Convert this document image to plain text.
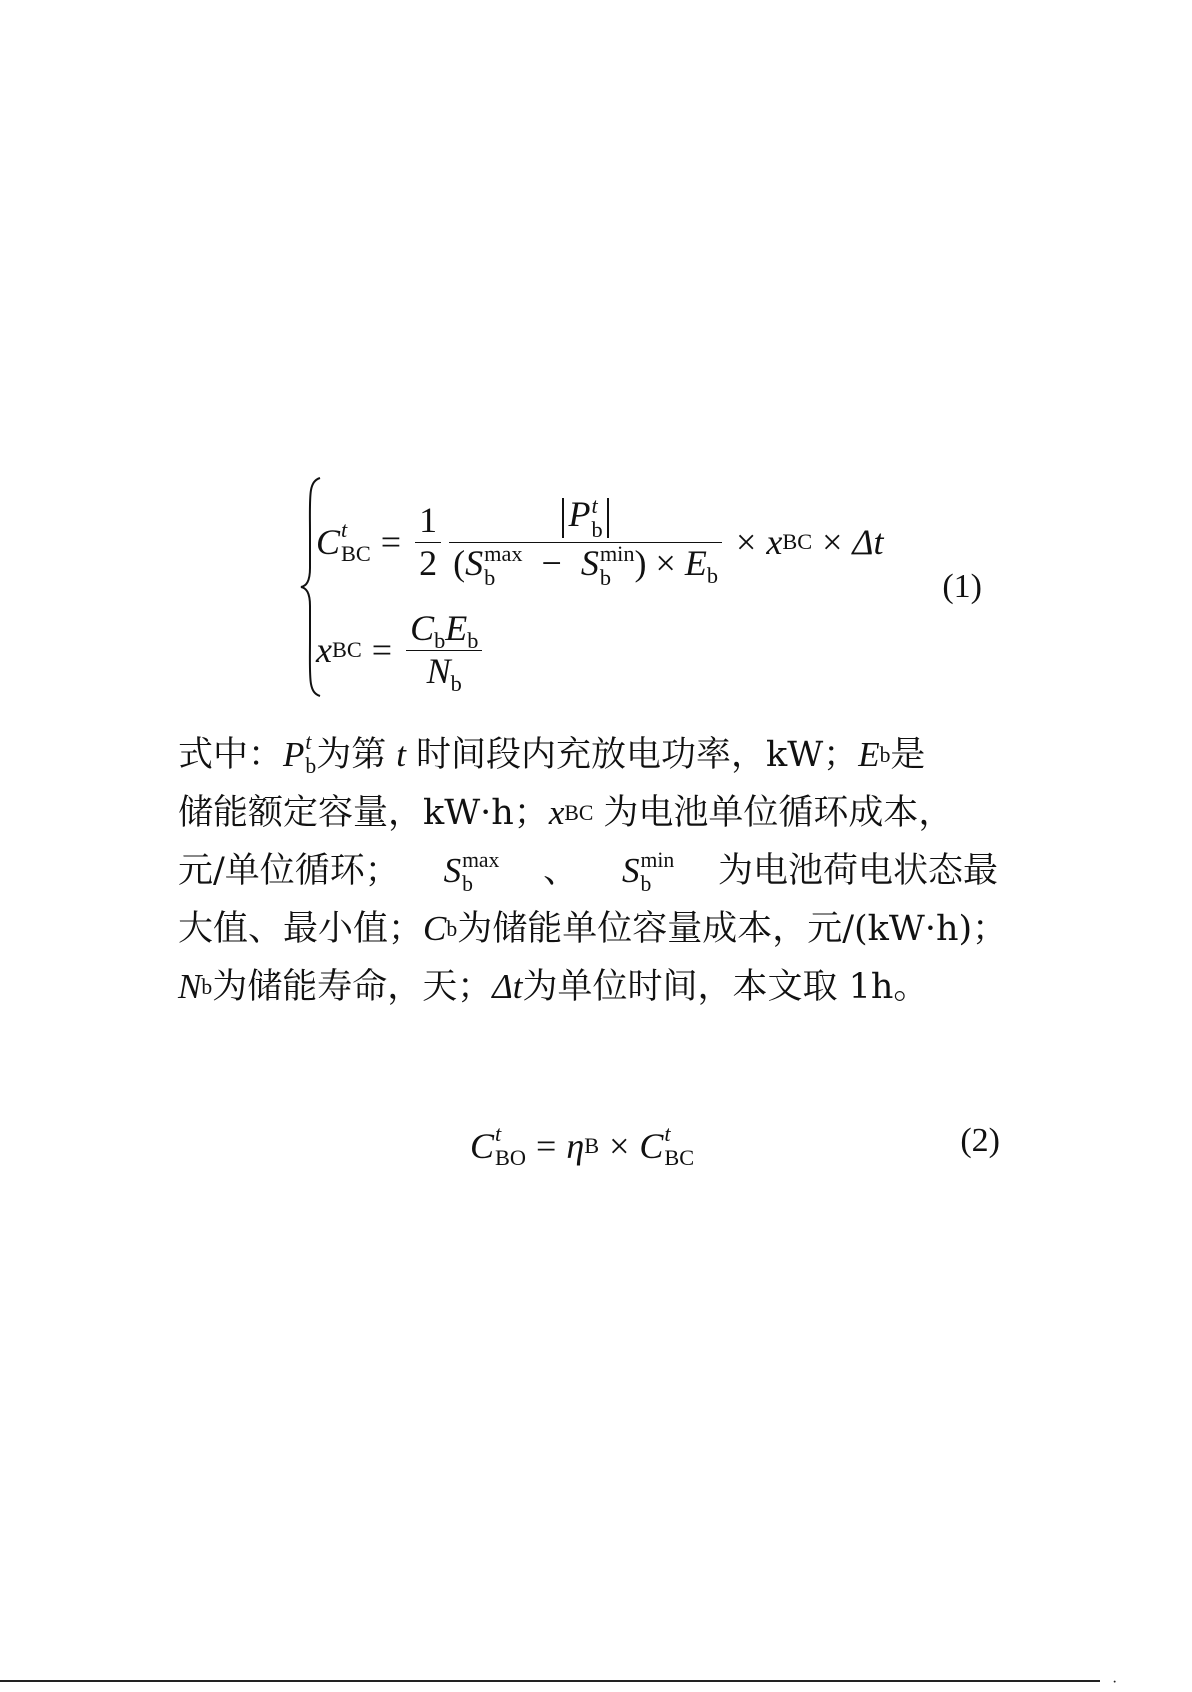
C t
BC = $\frac{1}{2}$ P t
b
(S max
b	− S min
b ) × $E_b \times x$ BC × Δt
x BC = $\frac{C_bE_b}{N_b}$
(1)
式中： P t
b 为第 t 时间段内充放电功率，kW； E b 是
储能额定容量，kW·h； x BC 为电池单位循环成本，
元/单位循环； S max
b	、 S min
b	为电池荷电状态最
大值、最小值； C b 为储能单位容量成本，元/(kW·h)；
N b 为储能寿命，天； Δt 为单位时间，本文取 1h。
C t
BO = η B × C t
BC	(2)
·
